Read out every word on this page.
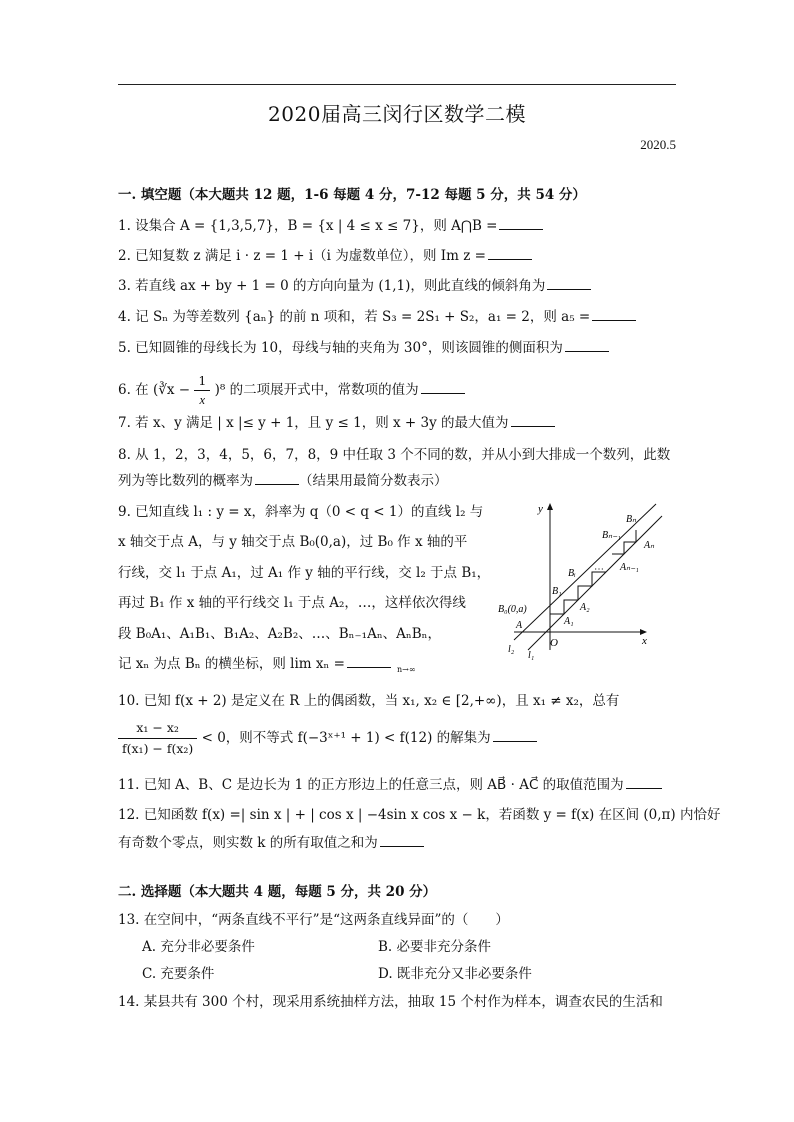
2020届高三闵行区数学二模
2020.5
一. 填空题（本大题共 12 题，1-6 每题 4 分，7-12 每题 5 分，共 54 分）
1. 设集合 A = {1,3,5,7}，B = {x | 4 ≤ x ≤ 7}，则 A⋂B =
2. 已知复数 z 满足 i · z = 1 + i（i 为虚数单位），则 Im z =
3. 若直线 ax + by + 1 = 0 的方向向量为 (1,1)，则此直线的倾斜角为
4. 记 Sₙ 为等差数列 {aₙ} 的前 n 项和，若 S₃ = 2S₁ + S₂，a₁ = 2，则 a₅ =
5. 已知圆锥的母线长为 10，母线与轴的夹角为 30°，则该圆锥的侧面积为
6. 在 (∛x − $\frac{1}{x} )^8$ 的二项展开式中，常数项的值为
7. 若 x、y 满足 | x |≤ y + 1，且 y ≤ 1，则 x + 3y 的最大值为
8. 从 1，2，3，4，5，6，7，8，9 中任取 3 个不同的数，并从小到大排成一个数列，此数
列为等比数列的概率为	（结果用最简分数表示）
9. 已知直线 l₁ : y = x，斜率为 q（0 < q < 1）的直线 l₂ 与
x 轴交于点 A，与 y 轴交于点 B₀(0,a)，过 B₀ 作 x 轴的平
行线，交 l₁ 于点 A₁，过 A₁ 作 y 轴的平行线，交 l₂ 于点 B₁，
再过 B₁ 作 x 轴的平行线交 l₁ 于点 A₂，…，这样依次得线
段 B₀A₁、A₁B₁、B₁A₂、A₂B₂、…、Bₙ₋₁Aₙ、AₙBₙ，
记 xₙ 为点 Bₙ 的横坐标，则 lim xₙ =	$_{n\to\infty}$
y
x
O
A
B₀(0,a)
A₁
B₁
A₂
Bᵢ ⋯ Aₙ₋₁
Bₙ₋₁
Aₙ
Bₙ
l₁
l₂
10. 已知 f(x + 2) 是定义在 R 上的偶函数，当 x₁, x₂ ∈ [2,+∞)，且 x₁ ≠ x₂，总有
$\frac{\text{x₁ − x₂}}{\text{f(x₁) − f(x₂)}} < 0$，则不等式 f(−3ˣ⁺¹ + 1) < f(12) 的解集为
11. 已知 A、B、C 是边长为 1 的正方形边上的任意三点，则 AB⃗ · AC⃗ 的取值范围为
12. 已知函数 f(x) =| sin x | + | cos x | −4sin x cos x − k，若函数 y = f(x) 在区间 (0,π) 内恰好
有奇数个零点，则实数 k 的所有取值之和为
二. 选择题（本大题共 4 题，每题 5 分，共 20 分）
13. 在空间中，“两条直线不平行”是“这两条直线异面”的（　　）
A. 充分非必要条件	B. 必要非充分条件
C. 充要条件	D. 既非充分又非必要条件
14. 某县共有 300 个村，现采用系统抽样方法，抽取 15 个村作为样本，调查农民的生活和
